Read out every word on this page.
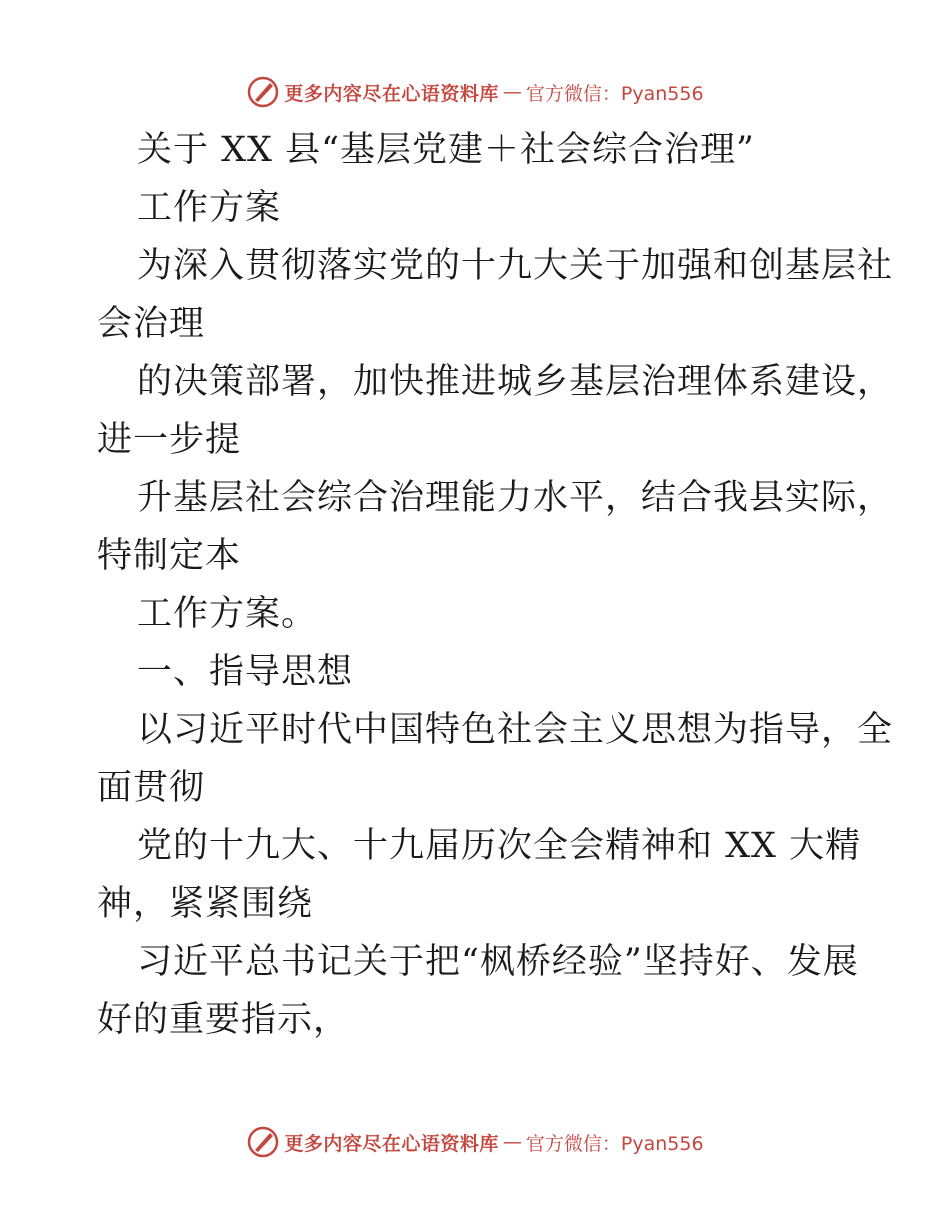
更多内容尽在心语资料库 — 官方微信：Pyan556
关于 XX 县“基层党建＋社会综合治理”
工作方案
为深入贯彻落实党的十九大关于加强和创基层社
会治理
的决策部署，加快推进城乡基层治理体系建设，
进一步提
升基层社会综合治理能力水平，结合我县实际，
特制定本
工作方案。
一、指导思想
以习近平时代中国特色社会主义思想为指导，全
面贯彻
党的十九大、十九届历次全会精神和 XX 大精
神，紧紧围绕
习近平总书记关于把“枫桥经验”坚持好、发展
好的重要指示，
更多内容尽在心语资料库 — 官方微信：Pyan556
